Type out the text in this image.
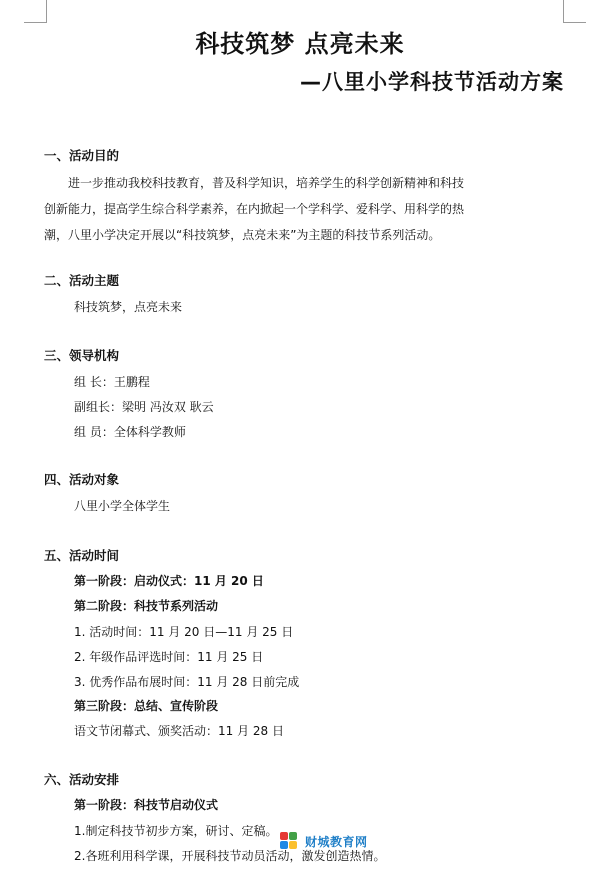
科技筑梦 点亮未来
—八里小学科技节活动方案
一、活动目的
进一步推动我校科技教育，普及科学知识，培养学生的科学创新精神和科技
创新能力，提高学生综合科学素养，在内掀起一个学科学、爱科学、用科学的热
潮，八里小学决定开展以“科技筑梦，点亮未来”为主题的科技节系列活动。
二、活动主题
科技筑梦，点亮未来
三、领导机构
组 长：王鹏程
副组长：梁明 冯汝双 耿云
组 员：全体科学教师
四、活动对象
八里小学全体学生
五、活动时间
第一阶段：启动仪式：11 月 20 日
第二阶段：科技节系列活动
1. 活动时间：11 月 20 日—11 月 25 日
2. 年级作品评选时间：11 月 25 日
3. 优秀作品布展时间：11 月 28 日前完成
第三阶段：总结、宣传阶段
语文节闭幕式、颁奖活动：11 月 28 日
六、活动安排
第一阶段：科技节启动仪式
1.制定科技节初步方案，研讨、定稿。
2.各班利用科学课，开展科技节动员活动，激发创造热情。
财城教育网
